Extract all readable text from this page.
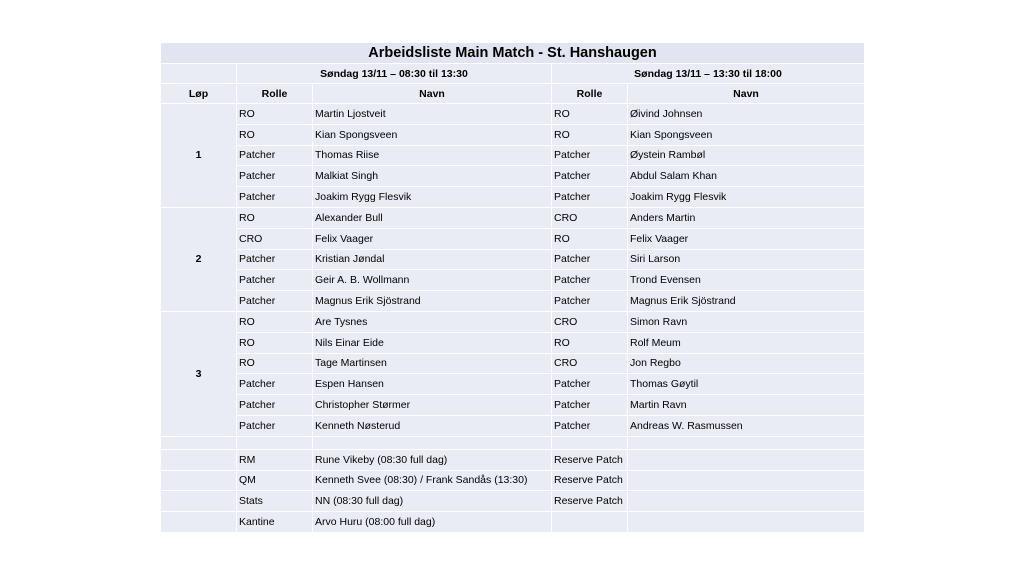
Arbeidsliste Main Match - St. Hanshaugen				
	Søndag 13/11 – 08:30 til 13:30		Søndag 13/11 – 13:30 til 18:00	
Løp	Rolle	Navn	Rolle	Navn
1	RO	Martin Ljostveit	RO	Øivind Johnsen
	RO	Kian Spongsveen	RO	Kian Spongsveen
	Patcher	Thomas Riise	Patcher	Øystein Rambøl
	Patcher	Malkiat Singh	Patcher	Abdul Salam Khan
	Patcher	Joakim Rygg Flesvik	Patcher	Joakim Rygg Flesvik
2	RO	Alexander Bull	CRO	Anders Martin
	CRO	Felix Vaager	RO	Felix Vaager
	Patcher	Kristian Jøndal	Patcher	Siri Larson
	Patcher	Geir A. B. Wollmann	Patcher	Trond Evensen
	Patcher	Magnus Erik Sjöstrand	Patcher	Magnus Erik Sjöstrand
3	RO	Are Tysnes	CRO	Simon Ravn
	RO	Nils Einar Eide	RO	Rolf Meum
	RO	Tage Martinsen	CRO	Jon Regbo
	Patcher	Espen Hansen	Patcher	Thomas Gøytil
	Patcher	Christopher Størmer	Patcher	Martin Ravn
	Patcher	Kenneth Nøsterud	Patcher	Andreas W. Rasmussen

	RM	Rune Vikeby (08:30 full dag)	Reserve Patch	
	QM	Kenneth Svee (08:30) / Frank Sandås (13:30)	Reserve Patch	
	Stats	NN (08:30 full dag)	Reserve Patch	
	Kantine	Arvo Huru (08:00 full dag)		
